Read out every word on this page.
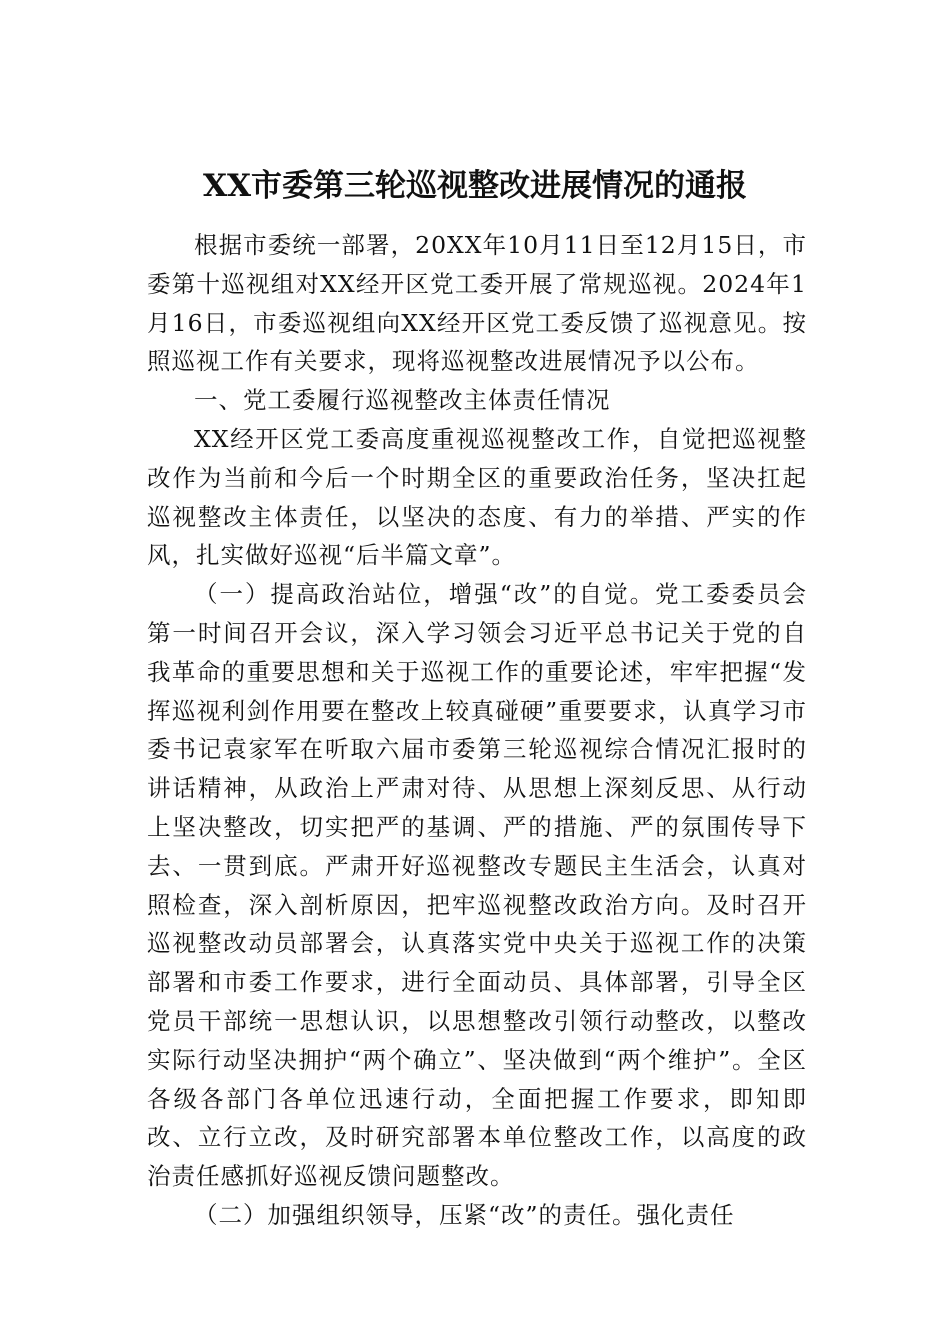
XX市委第三轮巡视整改进展情况的通报

根据市委统一部署，20XX年10月11日至12月15日，市委第十巡视组对XX经开区党工委开展了常规巡视。2024年1月16日，市委巡视组向XX经开区党工委反馈了巡视意见。按照巡视工作有关要求，现将巡视整改进展情况予以公布。

一、党工委履行巡视整改主体责任情况

XX经开区党工委高度重视巡视整改工作，自觉把巡视整改作为当前和今后一个时期全区的重要政治任务，坚决扛起巡视整改主体责任，以坚决的态度、有力的举措、严实的作风，扎实做好巡视“后半篇文章”。

（一）提高政治站位，增强“改”的自觉。党工委委员会第一时间召开会议，深入学习领会习近平总书记关于党的自我革命的重要思想和关于巡视工作的重要论述，牢牢把握“发挥巡视利剑作用要在整改上较真碰硬”重要要求，认真学习市委书记袁家军在听取六届市委第三轮巡视综合情况汇报时的讲话精神，从政治上严肃对待、从思想上深刻反思、从行动上坚决整改，切实把严的基调、严的措施、严的氛围传导下去、一贯到底。严肃开好巡视整改专题民主生活会，认真对照检查，深入剖析原因，把牢巡视整改政治方向。及时召开巡视整改动员部署会，认真落实党中央关于巡视工作的决策部署和市委工作要求，进行全面动员、具体部署，引导全区党员干部统一思想认识，以思想整改引领行动整改，以整改实际行动坚决拥护“两个确立”、坚决做到“两个维护”。全区各级各部门各单位迅速行动，全面把握工作要求，即知即改、立行立改，及时研究部署本单位整改工作，以高度的政治责任感抓好巡视反馈问题整改。

（二）加强组织领导，压紧“改”的责任。强化责任
